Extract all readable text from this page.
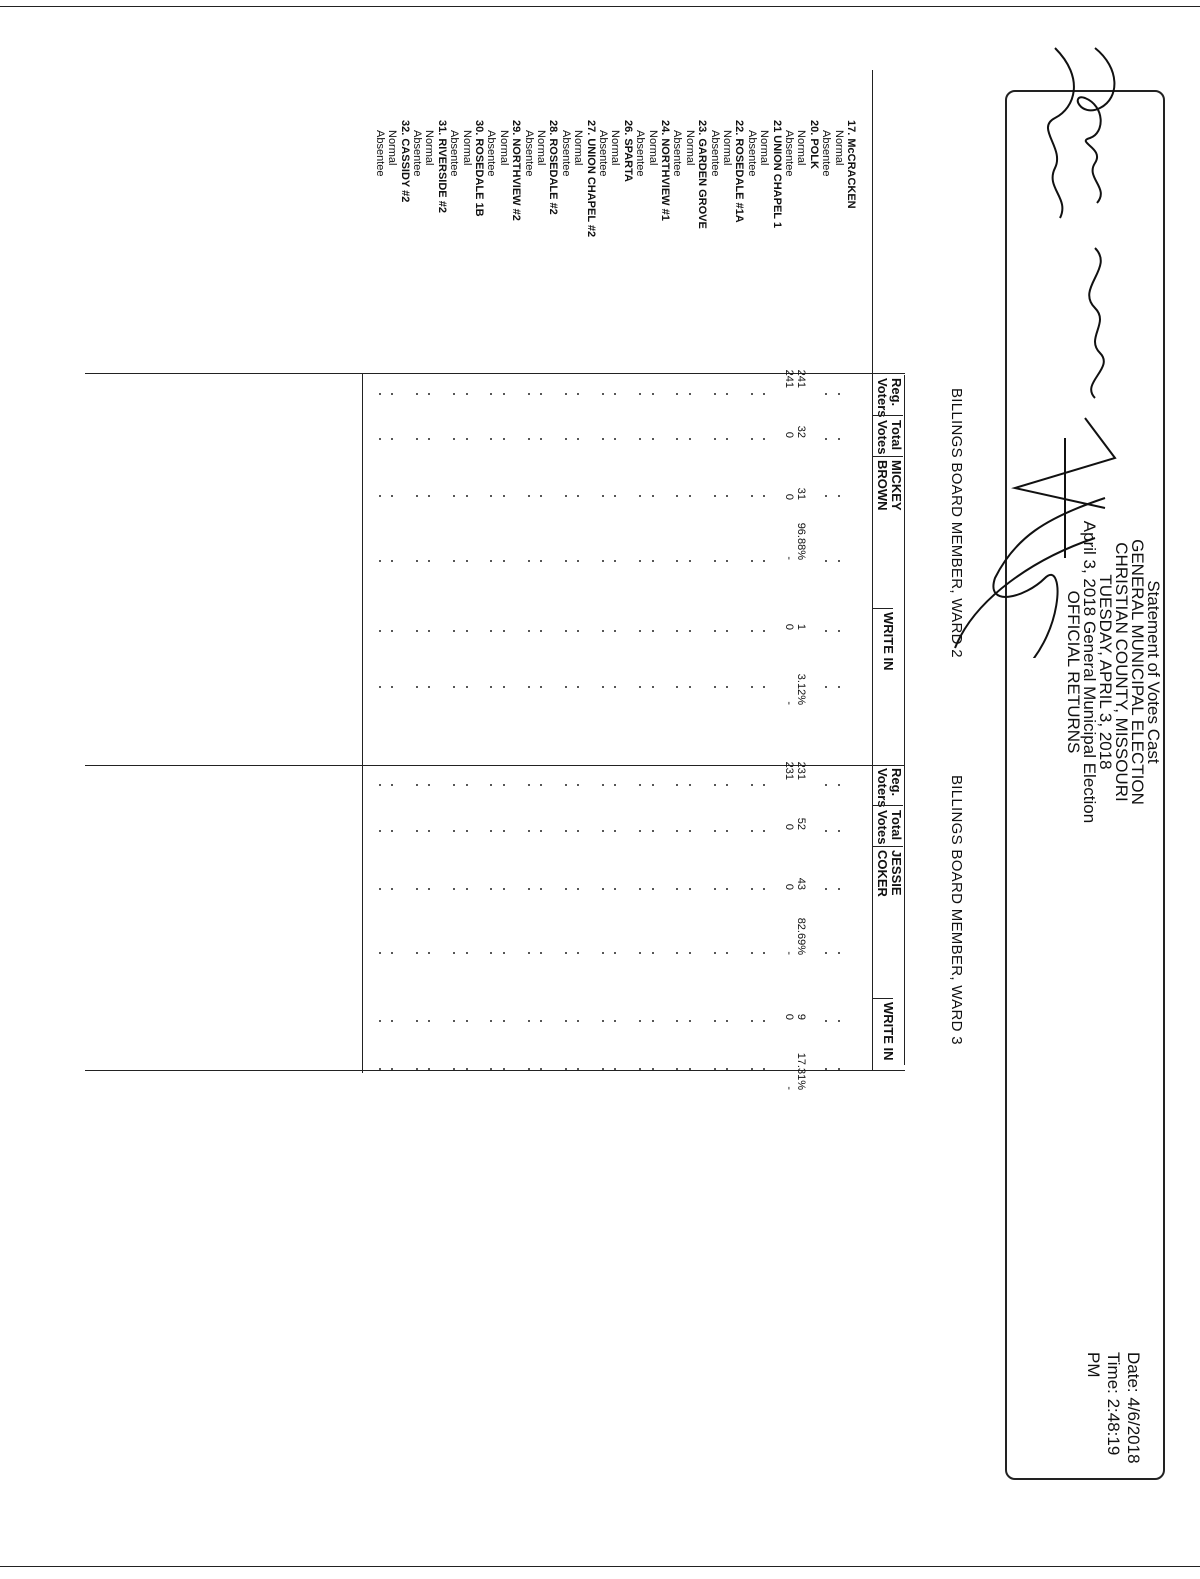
Statement of Votes Cast
GENERAL MUNICIPAL ELECTION
CHRISTIAN COUNTY, MISSOURI
TUESDAY, APRIL 3, 2018
April 3, 2018 General Municipal Election
OFFICIAL RETURNS
Date: 4/6/2018
Time: 2:48:19 PM
BILLINGS BOARD MEMBER, WARD 2
BILLINGS BOARD MEMBER, WARD 3
Reg.
Voters
Total
Votes
MICKEY
BROWN
WRITE IN
Reg.
Voters
Total
Votes
JESSIE
COKER
WRITE IN
17. McCRACKEN
Normal
Absentee
20. POLK
Normal
Absentee
21 UNION CHAPEL 1
Normal
Absentee
22. ROSEDALE #1A
Normal
Absentee
23. GARDEN GROVE
Normal
Absentee
24. NORTHVIEW #1
Normal
Absentee
26. SPARTA
Normal
Absentee
27. UNION CHAPEL #2
Normal
Absentee
28. ROSEDALE #2
Normal
Absentee
29. NORTHVIEW #2
Normal
Absentee
30. ROSEDALE 1B
Normal
Absentee
31. RIVERSIDE #2
Normal
Absentee
32. CASSIDY #2
Normal
Absentee
241
241
32
0
31
0
96.88%
-
1
0
3.12%
-
231
231
52
0
43
0
82.69%
-
9
0
17.31%
-
